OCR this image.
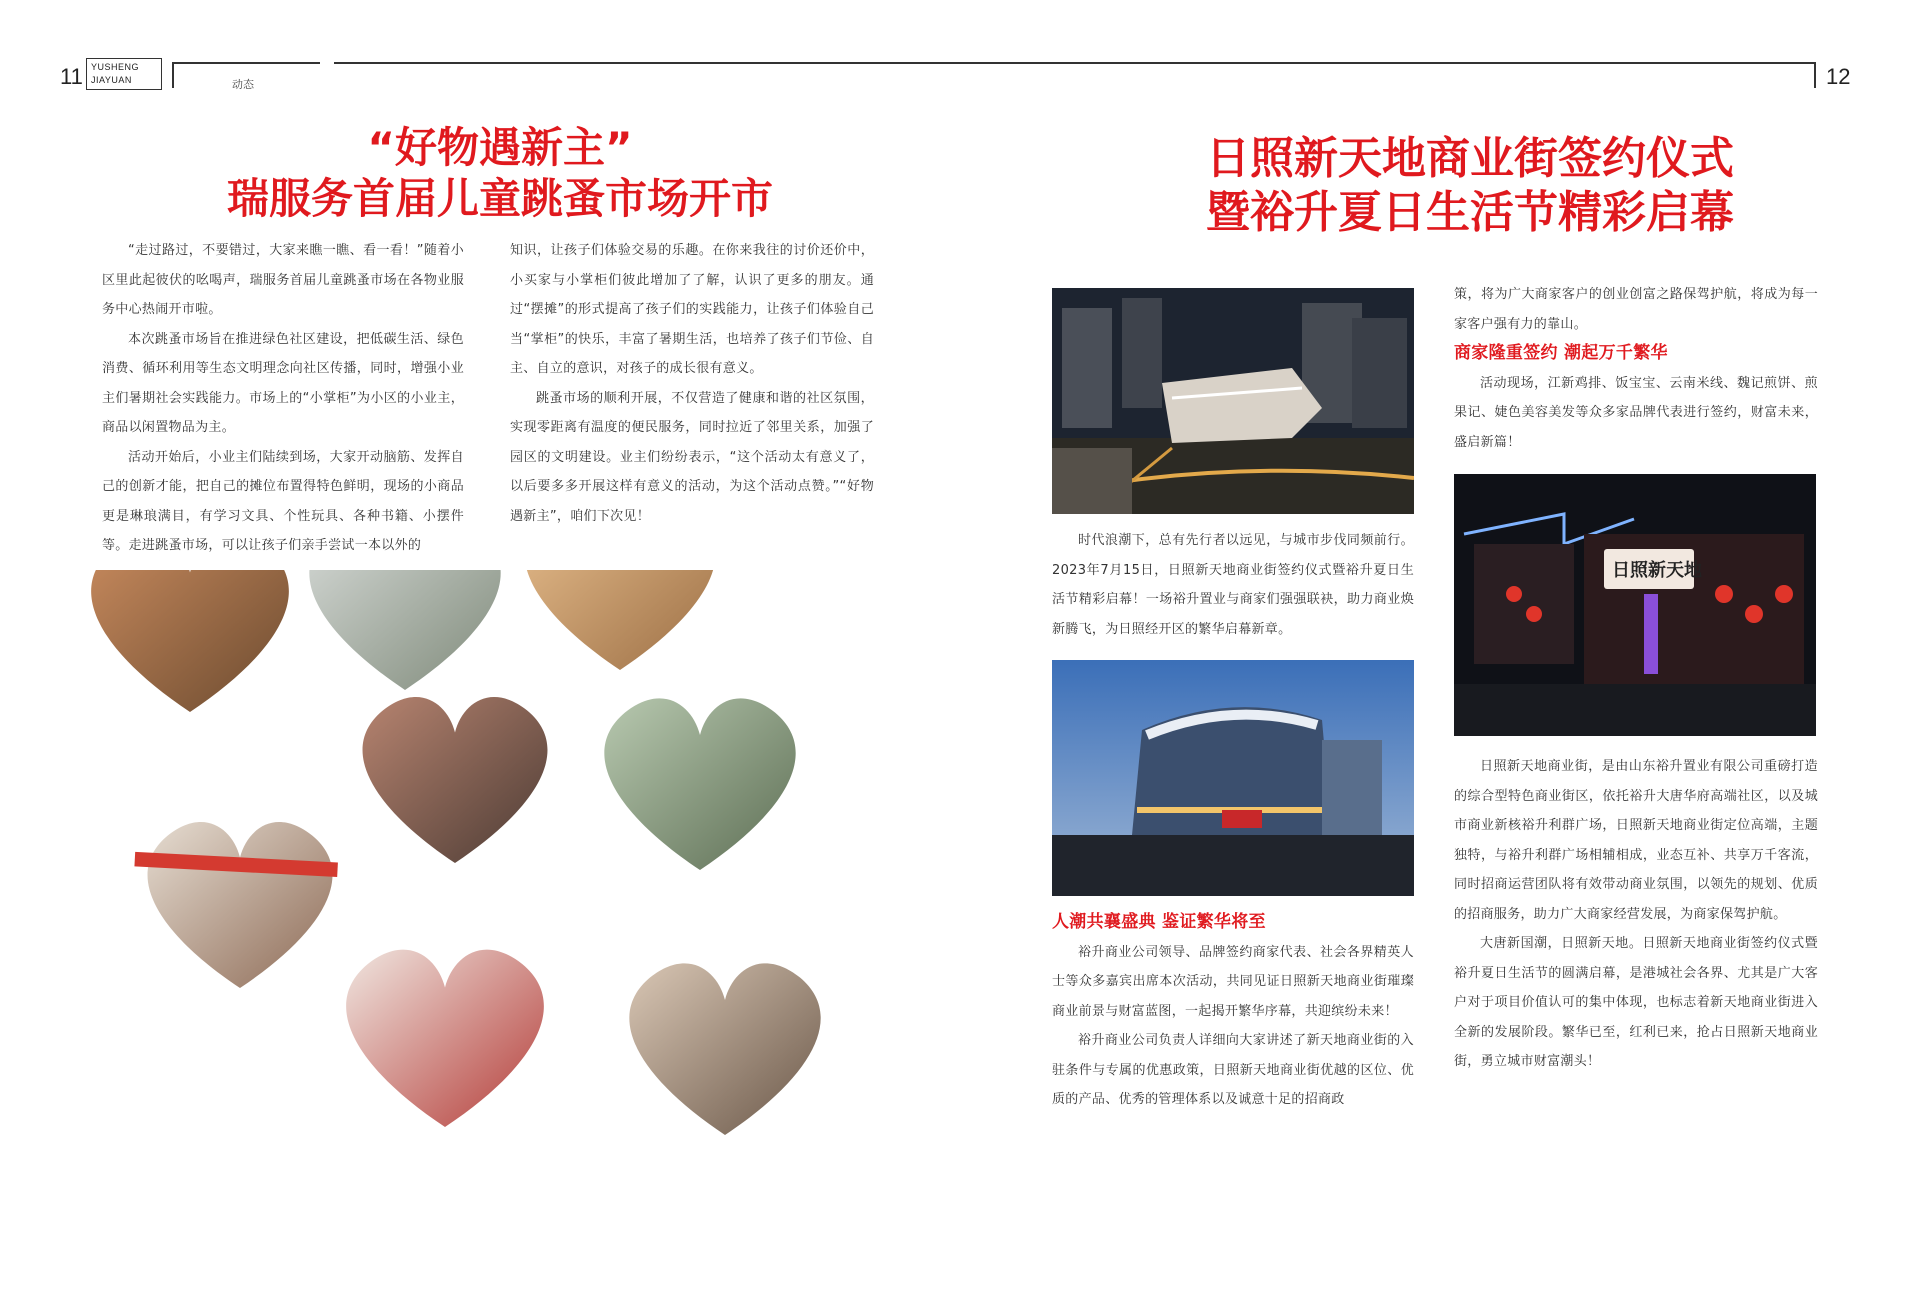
11	12
YUSHENG
JIAYUAN	动态
“好物遇新主”
瑞服务首届儿童跳蚤市场开市

“走过路过，不要错过，大家来瞧一瞧、看一看！”随着小区里此起彼伏的吆喝声，瑞服务首届儿童跳蚤市场在各物业服务中心热闹开市啦。

本次跳蚤市场旨在推进绿色社区建设，把低碳生活、绿色消费、循环利用等生态文明理念向社区传播，同时，增强小业主们暑期社会实践能力。市场上的“小掌柜”为小区的小业主，商品以闲置物品为主。

活动开始后，小业主们陆续到场，大家开动脑筋、发挥自己的创新才能，把自己的摊位布置得特色鲜明，现场的小商品更是琳琅满目，有学习文具、个性玩具、各种书籍、小摆件等。走进跳蚤市场，可以让孩子们亲手尝试一本以外的

知识，让孩子们体验交易的乐趣。在你来我往的讨价还价中，小买家与小掌柜们彼此增加了了解，认识了更多的朋友。通过“摆摊”的形式提高了孩子们的实践能力，让孩子们体验自己当“掌柜”的快乐，丰富了暑期生活，也培养了孩子们节俭、自主、自立的意识，对孩子的成长很有意义。

跳蚤市场的顺利开展，不仅营造了健康和谐的社区氛围，实现零距离有温度的便民服务，同时拉近了邻里关系，加强了园区的文明建设。业主们纷纷表示，“这个活动太有意义了，以后要多多开展这样有意义的活动，为这个活动点赞。”“好物遇新主”，咱们下次见！

日照新天地商业街签约仪式
暨裕升夏日生活节精彩启幕

时代浪潮下，总有先行者以远见，与城市步伐同频前行。2023年7月15日，日照新天地商业街签约仪式暨裕升夏日生活节精彩启幕！一场裕升置业与商家们强强联袂，助力商业焕新腾飞，为日照经开区的繁华启幕新章。

人潮共襄盛典 鉴证繁华将至

裕升商业公司领导、品牌签约商家代表、社会各界精英人士等众多嘉宾出席本次活动，共同见证日照新天地商业街璀璨商业前景与财富蓝图，一起揭开繁华序幕，共迎缤纷未来！

裕升商业公司负责人详细向大家讲述了新天地商业街的入驻条件与专属的优惠政策，日照新天地商业街优越的区位、优质的产品、优秀的管理体系以及诚意十足的招商政

策，将为广大商家客户的创业创富之路保驾护航，将成为每一家客户强有力的靠山。

商家隆重签约 潮起万千繁华

活动现场，江新鸡排、饭宝宝、云南米线、魏记煎饼、煎果记、婕色美容美发等众多家品牌代表进行签约，财富未来，盛启新篇！

日照新天地

日照新天地商业街，是由山东裕升置业有限公司重磅打造的综合型特色商业街区，依托裕升大唐华府高端社区，以及城市商业新核裕升利群广场，日照新天地商业街定位高端，主题独特，与裕升利群广场相辅相成，业态互补、共享万千客流，同时招商运营团队将有效带动商业氛围，以领先的规划、优质的招商服务，助力广大商家经营发展，为商家保驾护航。

大唐新国潮，日照新天地。日照新天地商业街签约仪式暨裕升夏日生活节的圆满启幕，是港城社会各界、尤其是广大客户对于项目价值认可的集中体现，也标志着新天地商业街进入全新的发展阶段。繁华已至，红利已来，抢占日照新天地商业街，勇立城市财富潮头！
